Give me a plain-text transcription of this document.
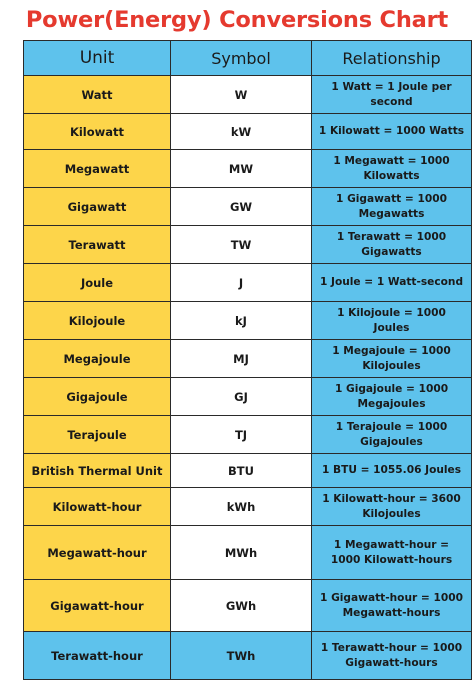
Power(Energy) Conversions Chart
Unit	Symbol	Relationship
Watt	W	1 Watt = 1 Joule per
second

Kilowatt	kW	1 Kilowatt = 1000 Watts

Megawatt	MW	1 Megawatt = 1000
Kilowatts

Gigawatt	GW	1 Gigawatt = 1000
Megawatts

Terawatt	TW	1 Terawatt = 1000
Gigawatts

Joule	J	1 Joule = 1 Watt-second

Kilojoule	kJ	1 Kilojoule = 1000
Joules

Megajoule	MJ	1 Megajoule = 1000
Kilojoules

Gigajoule	GJ	1 Gigajoule = 1000
Megajoules

Terajoule	TJ	1 Terajoule = 1000
Gigajoules

British Thermal Unit	BTU	1 BTU = 1055.06 Joules

Kilowatt-hour	kWh	1 Kilowatt-hour = 3600
Kilojoules

Megawatt-hour	MWh	1 Megawatt-hour =
1000 Kilowatt-hours

Gigawatt-hour	GWh	1 Gigawatt-hour = 1000
Megawatt-hours

Terawatt-hour	TWh	1 Terawatt-hour = 1000
Gigawatt-hours
